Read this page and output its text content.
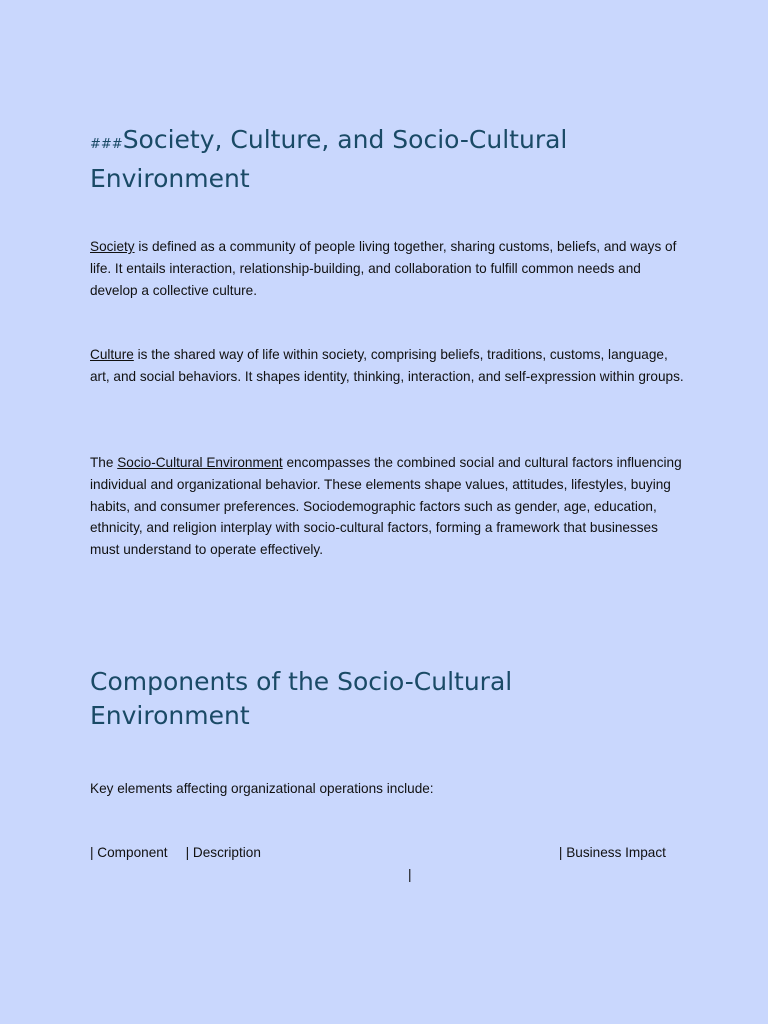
###Society, Culture, and Socio-Cultural Environment

Society is defined as a community of people living together, sharing customs, beliefs, and ways of life. It entails interaction, relationship-building, and collaboration to fulfill common needs and develop a collective culture.

Culture is the shared way of life within society, comprising beliefs, traditions, customs, language, art, and social behaviors. It shapes identity, thinking, interaction, and self-expression within groups.

The Socio-Cultural Environment encompasses the combined social and cultural factors influencing individual and organizational behavior. These elements shape values, attitudes, lifestyles, buying habits, and consumer preferences. Sociodemographic factors such as gender, age, education, ethnicity, and religion interplay with socio-cultural factors, forming a framework that businesses must understand to operate effectively.

Components of the Socio-Cultural Environment

Key elements affecting organizational operations include:

| Component | Description	| Business Impact|
